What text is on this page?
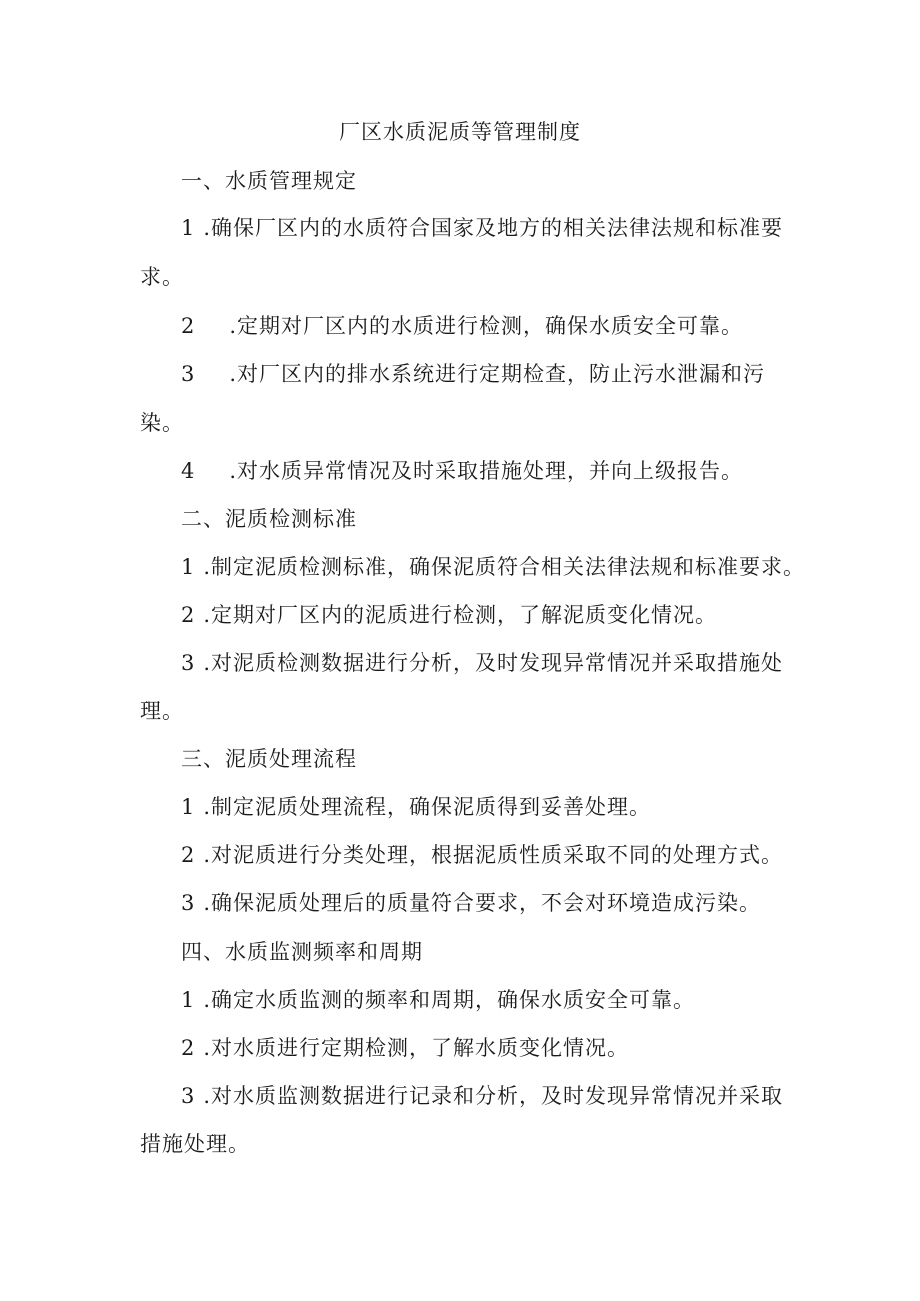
厂区水质泥质等管理制度
一、水质管理规定
1 .确保厂区内的水质符合国家及地方的相关法律法规和标准要
求。
2 .定期对厂区内的水质进行检测，确保水质安全可靠。
3 .对厂区内的排水系统进行定期检查，防止污水泄漏和污
染。
4 .对水质异常情况及时采取措施处理，并向上级报告。
二、泥质检测标准
1 .制定泥质检测标准，确保泥质符合相关法律法规和标准要求。
2 .定期对厂区内的泥质进行检测，了解泥质变化情况。
3 .对泥质检测数据进行分析，及时发现异常情况并采取措施处
理。
三、泥质处理流程
1 .制定泥质处理流程，确保泥质得到妥善处理。
2 .对泥质进行分类处理，根据泥质性质采取不同的处理方式。
3 .确保泥质处理后的质量符合要求，不会对环境造成污染。
四、水质监测频率和周期
1 .确定水质监测的频率和周期，确保水质安全可靠。
2 .对水质进行定期检测，了解水质变化情况。
3 .对水质监测数据进行记录和分析，及时发现异常情况并采取
措施处理。
